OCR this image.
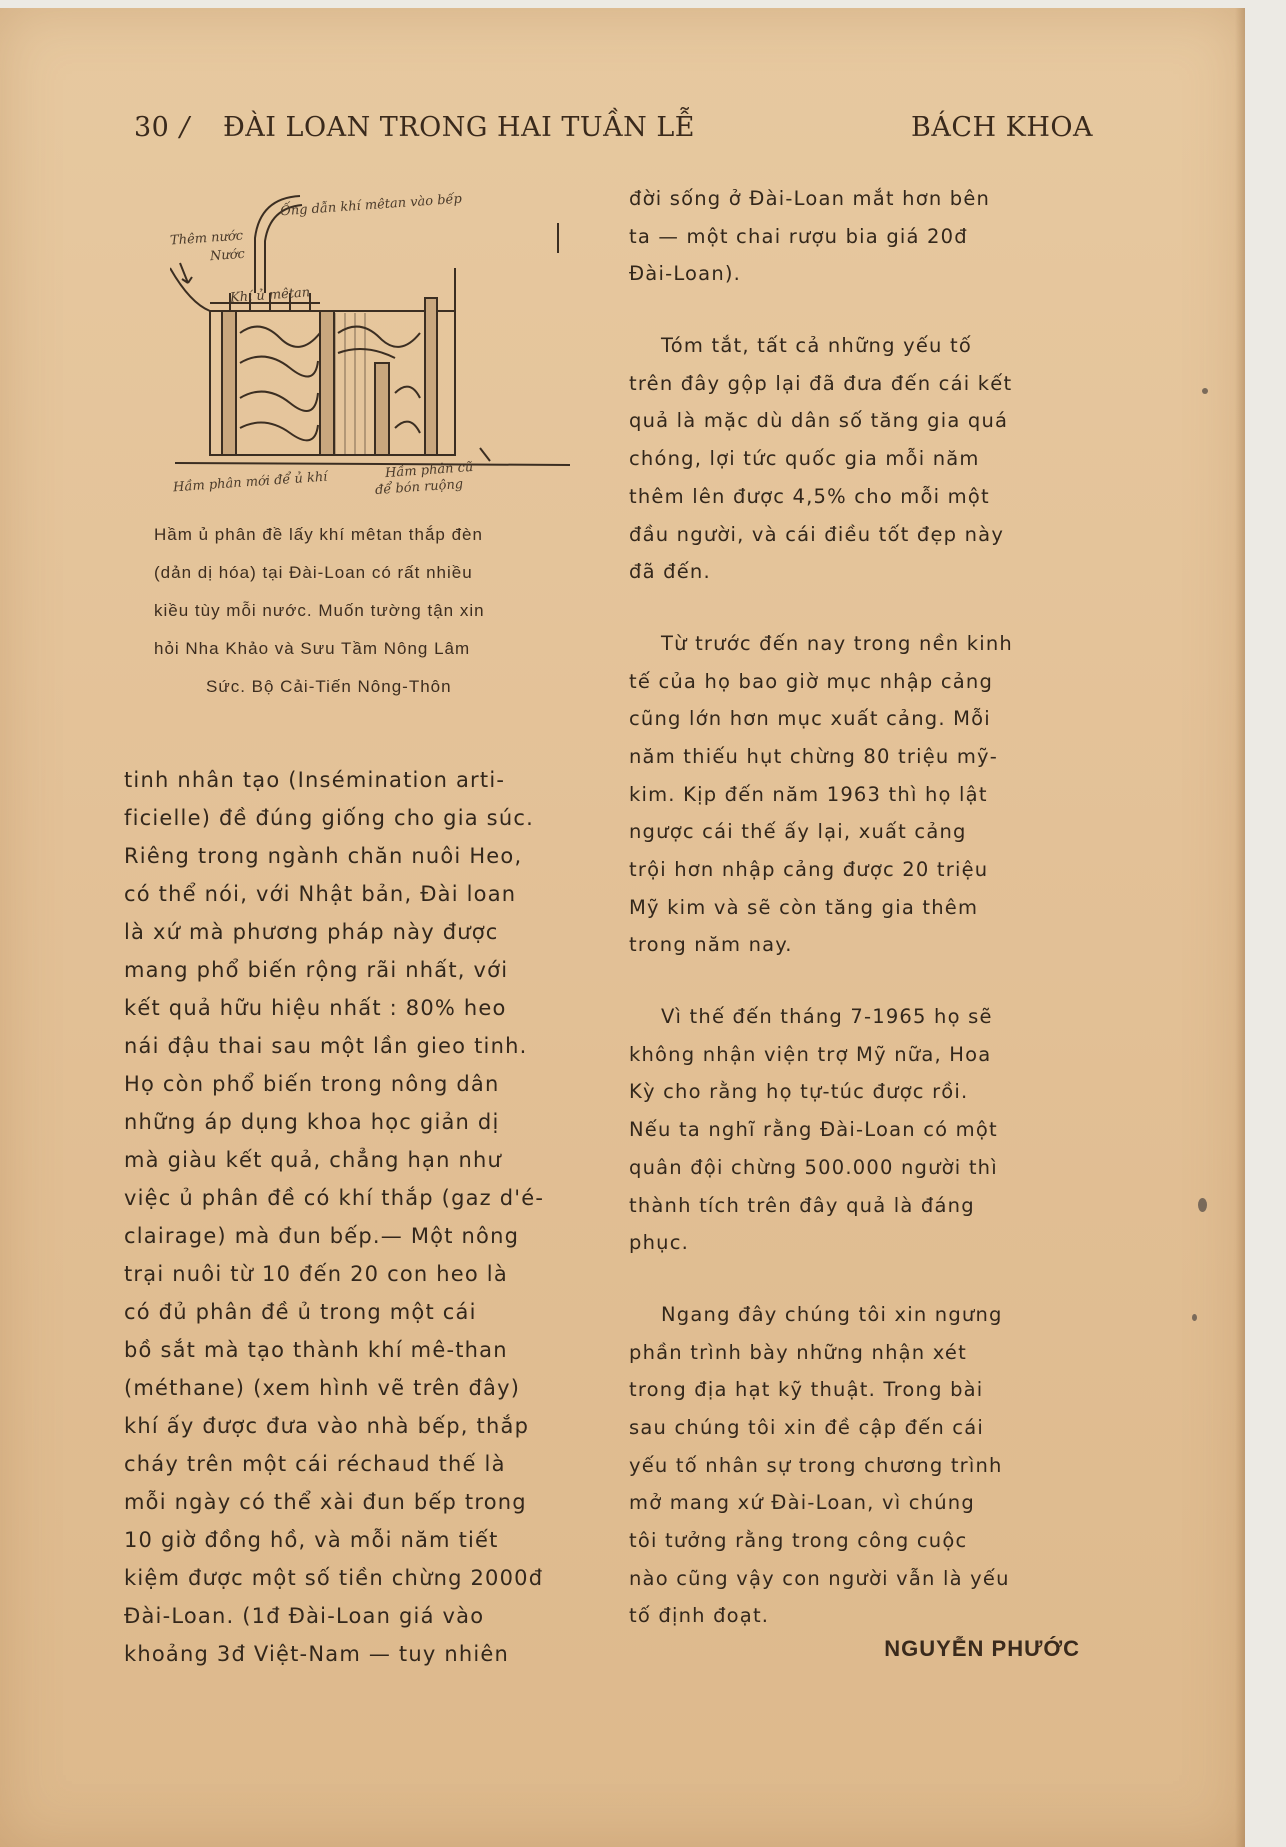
30 / ĐÀI LOAN TRONG HAI TUẦN LỄ	BÁCH KHOA
Ống dẫn khí mêtan vào bếp
Thêm nước
Nước
Khí ủ mêtan
Hầm phân mới để ủ khí	Hầm phân cũ
để bón ruộng
Hầm ủ phân đề lấy khí mêtan thắp đèn
(dản dị hóa) tại Đài-Loan có rất nhiều
kiều tùy mỗi nước. Muốn tường tận xin
hỏi Nha Khảo và Sưu Tầm Nông Lâm
Sức. Bộ Cải-Tiến Nông-Thôn
tinh nhân tạo (Insémination arti-
ficielle) đề đúng giống cho gia súc.
Riêng trong ngành chăn nuôi Heo,
có thể nói, với Nhật bản, Đài loan
là xứ mà phương pháp này được
mang phổ biến rộng rãi nhất, với
kết quả hữu hiệu nhất : 80% heo
nái đậu thai sau một lần gieo tinh.
Họ còn phổ biến trong nông dân
những áp dụng khoa học giản dị
mà giàu kết quả, chẳng hạn như
việc ủ phân đề có khí thắp (gaz d'é-
clairage) mà đun bếp.— Một nông
trại nuôi từ 10 đến 20 con heo là
có đủ phân đề ủ trong một cái
bồ sắt mà tạo thành khí mê-than
(méthane) (xem hình vẽ trên đây)
khí ấy được đưa vào nhà bếp, thắp
cháy trên một cái réchaud thế là
mỗi ngày có thể xài đun bếp trong
10 giờ đồng hồ, và mỗi năm tiết
kiệm được một số tiền chừng 2000đ
Đài-Loan. (1đ Đài-Loan giá vào
khoảng 3đ Việt-Nam — tuy nhiên
đời sống ở Đài-Loan mắt hơn bên
ta — một chai rượu bia giá 20đ
Đài-Loan).
Tóm tắt, tất cả những yếu tố
trên đây gộp lại đã đưa đến cái kết
quả là mặc dù dân số tăng gia quá
chóng, lợi tức quốc gia mỗi năm
thêm lên được 4,5% cho mỗi một
đầu người, và cái điều tốt đẹp này
đã đến.
Từ trước đến nay trong nền kinh
tế của họ bao giờ mục nhập cảng
cũng lớn hơn mục xuất cảng. Mỗi
năm thiếu hụt chừng 80 triệu mỹ-
kim. Kịp đến năm 1963 thì họ lật
ngược cái thế ấy lại, xuất cảng
trội hơn nhập cảng được 20 triệu
Mỹ kim và sẽ còn tăng gia thêm
trong năm nay.
Vì thế đến tháng 7-1965 họ sẽ
không nhận viện trợ Mỹ nữa, Hoa
Kỳ cho rằng họ tự-túc được rồi.
Nếu ta nghĩ rằng Đài-Loan có một
quân đội chừng 500.000 người thì
thành tích trên đây quả là đáng
phục.
Ngang đây chúng tôi xin ngưng
phần trình bày những nhận xét
trong địa hạt kỹ thuật. Trong bài
sau chúng tôi xin đề cập đến cái
yếu tố nhân sự trong chương trình
mở mang xứ Đài-Loan, vì chúng
tôi tưởng rằng trong công cuộc
nào cũng vậy con người vẫn là yếu
tố định đoạt.
NGUYỄN PHƯỚC
